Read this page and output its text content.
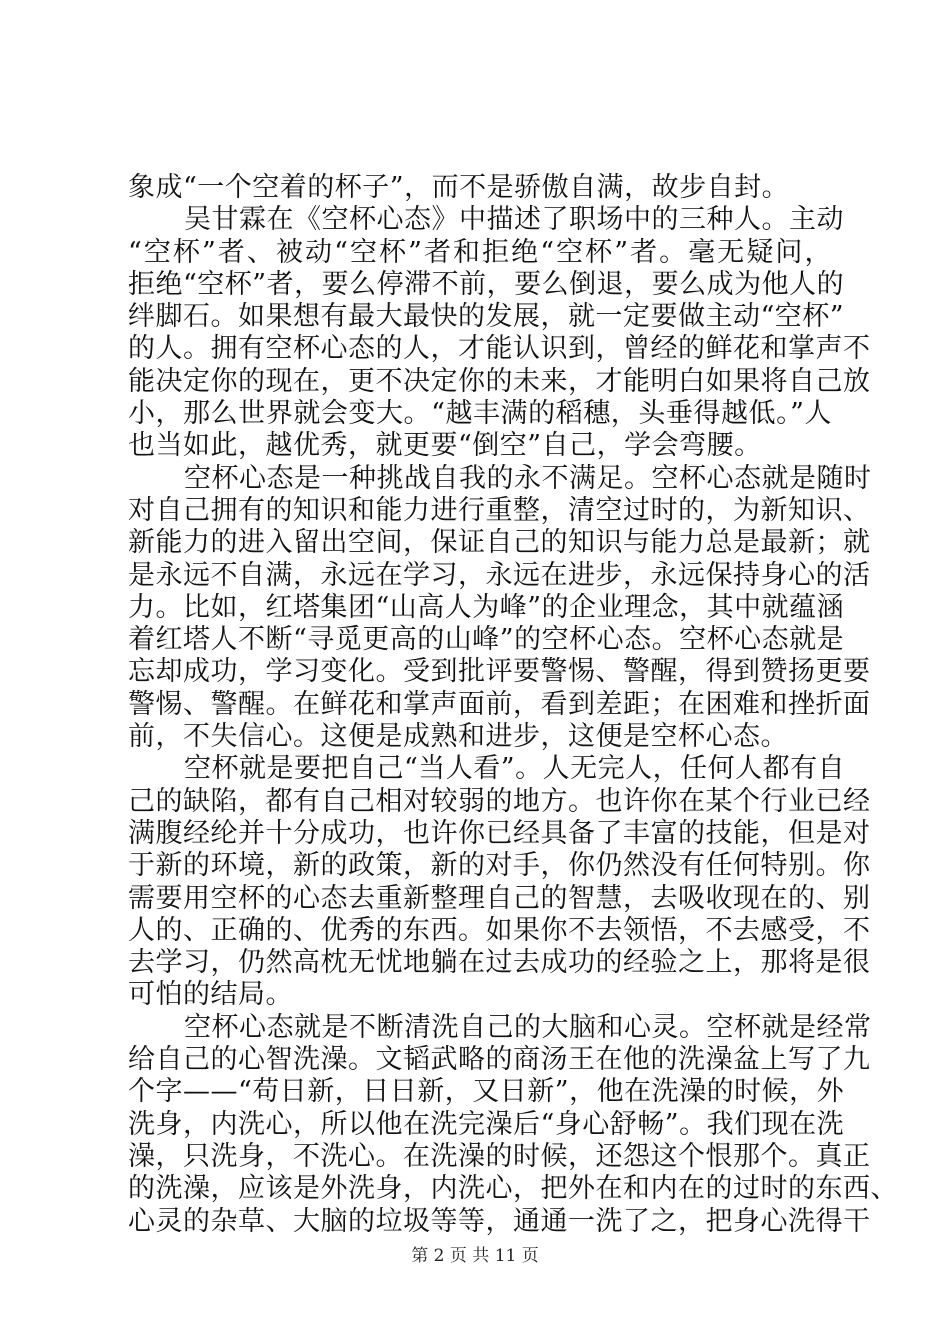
象成“一个空着的杯子”，而不是骄傲自满，故步自封。

吴甘霖在《空杯心态》中描述了职场中的三种人。主动
“空杯”者、被动“空杯”者和拒绝“空杯”者。毫无疑问，
拒绝“空杯”者，要么停滞不前，要么倒退，要么成为他人的
绊脚石。如果想有最大最快的发展，就一定要做主动“空杯”
的人。拥有空杯心态的人，才能认识到，曾经的鲜花和掌声不
能决定你的现在，更不决定你的未来，才能明白如果将自己放
小，那么世界就会变大。“越丰满的稻穗，头垂得越低。”人
也当如此，越优秀，就更要“倒空”自己，学会弯腰。

空杯心态是一种挑战自我的永不满足。空杯心态就是随时
对自己拥有的知识和能力进行重整，清空过时的，为新知识、
新能力的进入留出空间，保证自己的知识与能力总是最新；就
是永远不自满，永远在学习，永远在进步，永远保持身心的活
力。比如，红塔集团“山高人为峰”的企业理念，其中就蕴涵
着红塔人不断“寻觅更高的山峰”的空杯心态。空杯心态就是
忘却成功，学习变化。受到批评要警惕、警醒，得到赞扬更要
警惕、警醒。在鲜花和掌声面前，看到差距；在困难和挫折面
前，不失信心。这便是成熟和进步，这便是空杯心态。

空杯就是要把自己“当人看”。人无完人，任何人都有自
己的缺陷，都有自己相对较弱的地方。也许你在某个行业已经
满腹经纶并十分成功，也许你已经具备了丰富的技能，但是对
于新的环境，新的政策，新的对手，你仍然没有任何特别。你
需要用空杯的心态去重新整理自己的智慧，去吸收现在的、别
人的、正确的、优秀的东西。如果你不去领悟，不去感受，不
去学习，仍然高枕无忧地躺在过去成功的经验之上，那将是很
可怕的结局。

空杯心态就是不断清洗自己的大脑和心灵。空杯就是经常
给自己的心智洗澡。文韬武略的商汤王在他的洗澡盆上写了九
个字——“苟日新，日日新，又日新”，他在洗澡的时候，外
洗身，内洗心，所以他在洗完澡后“身心舒畅”。我们现在洗
澡，只洗身，不洗心。在洗澡的时候，还怨这个恨那个。真正
的洗澡，应该是外洗身，内洗心，把外在和内在的过时的东西、
心灵的杂草、大脑的垃圾等等，通通一洗了之，把身心洗得干

第 2 页 共 11 页
